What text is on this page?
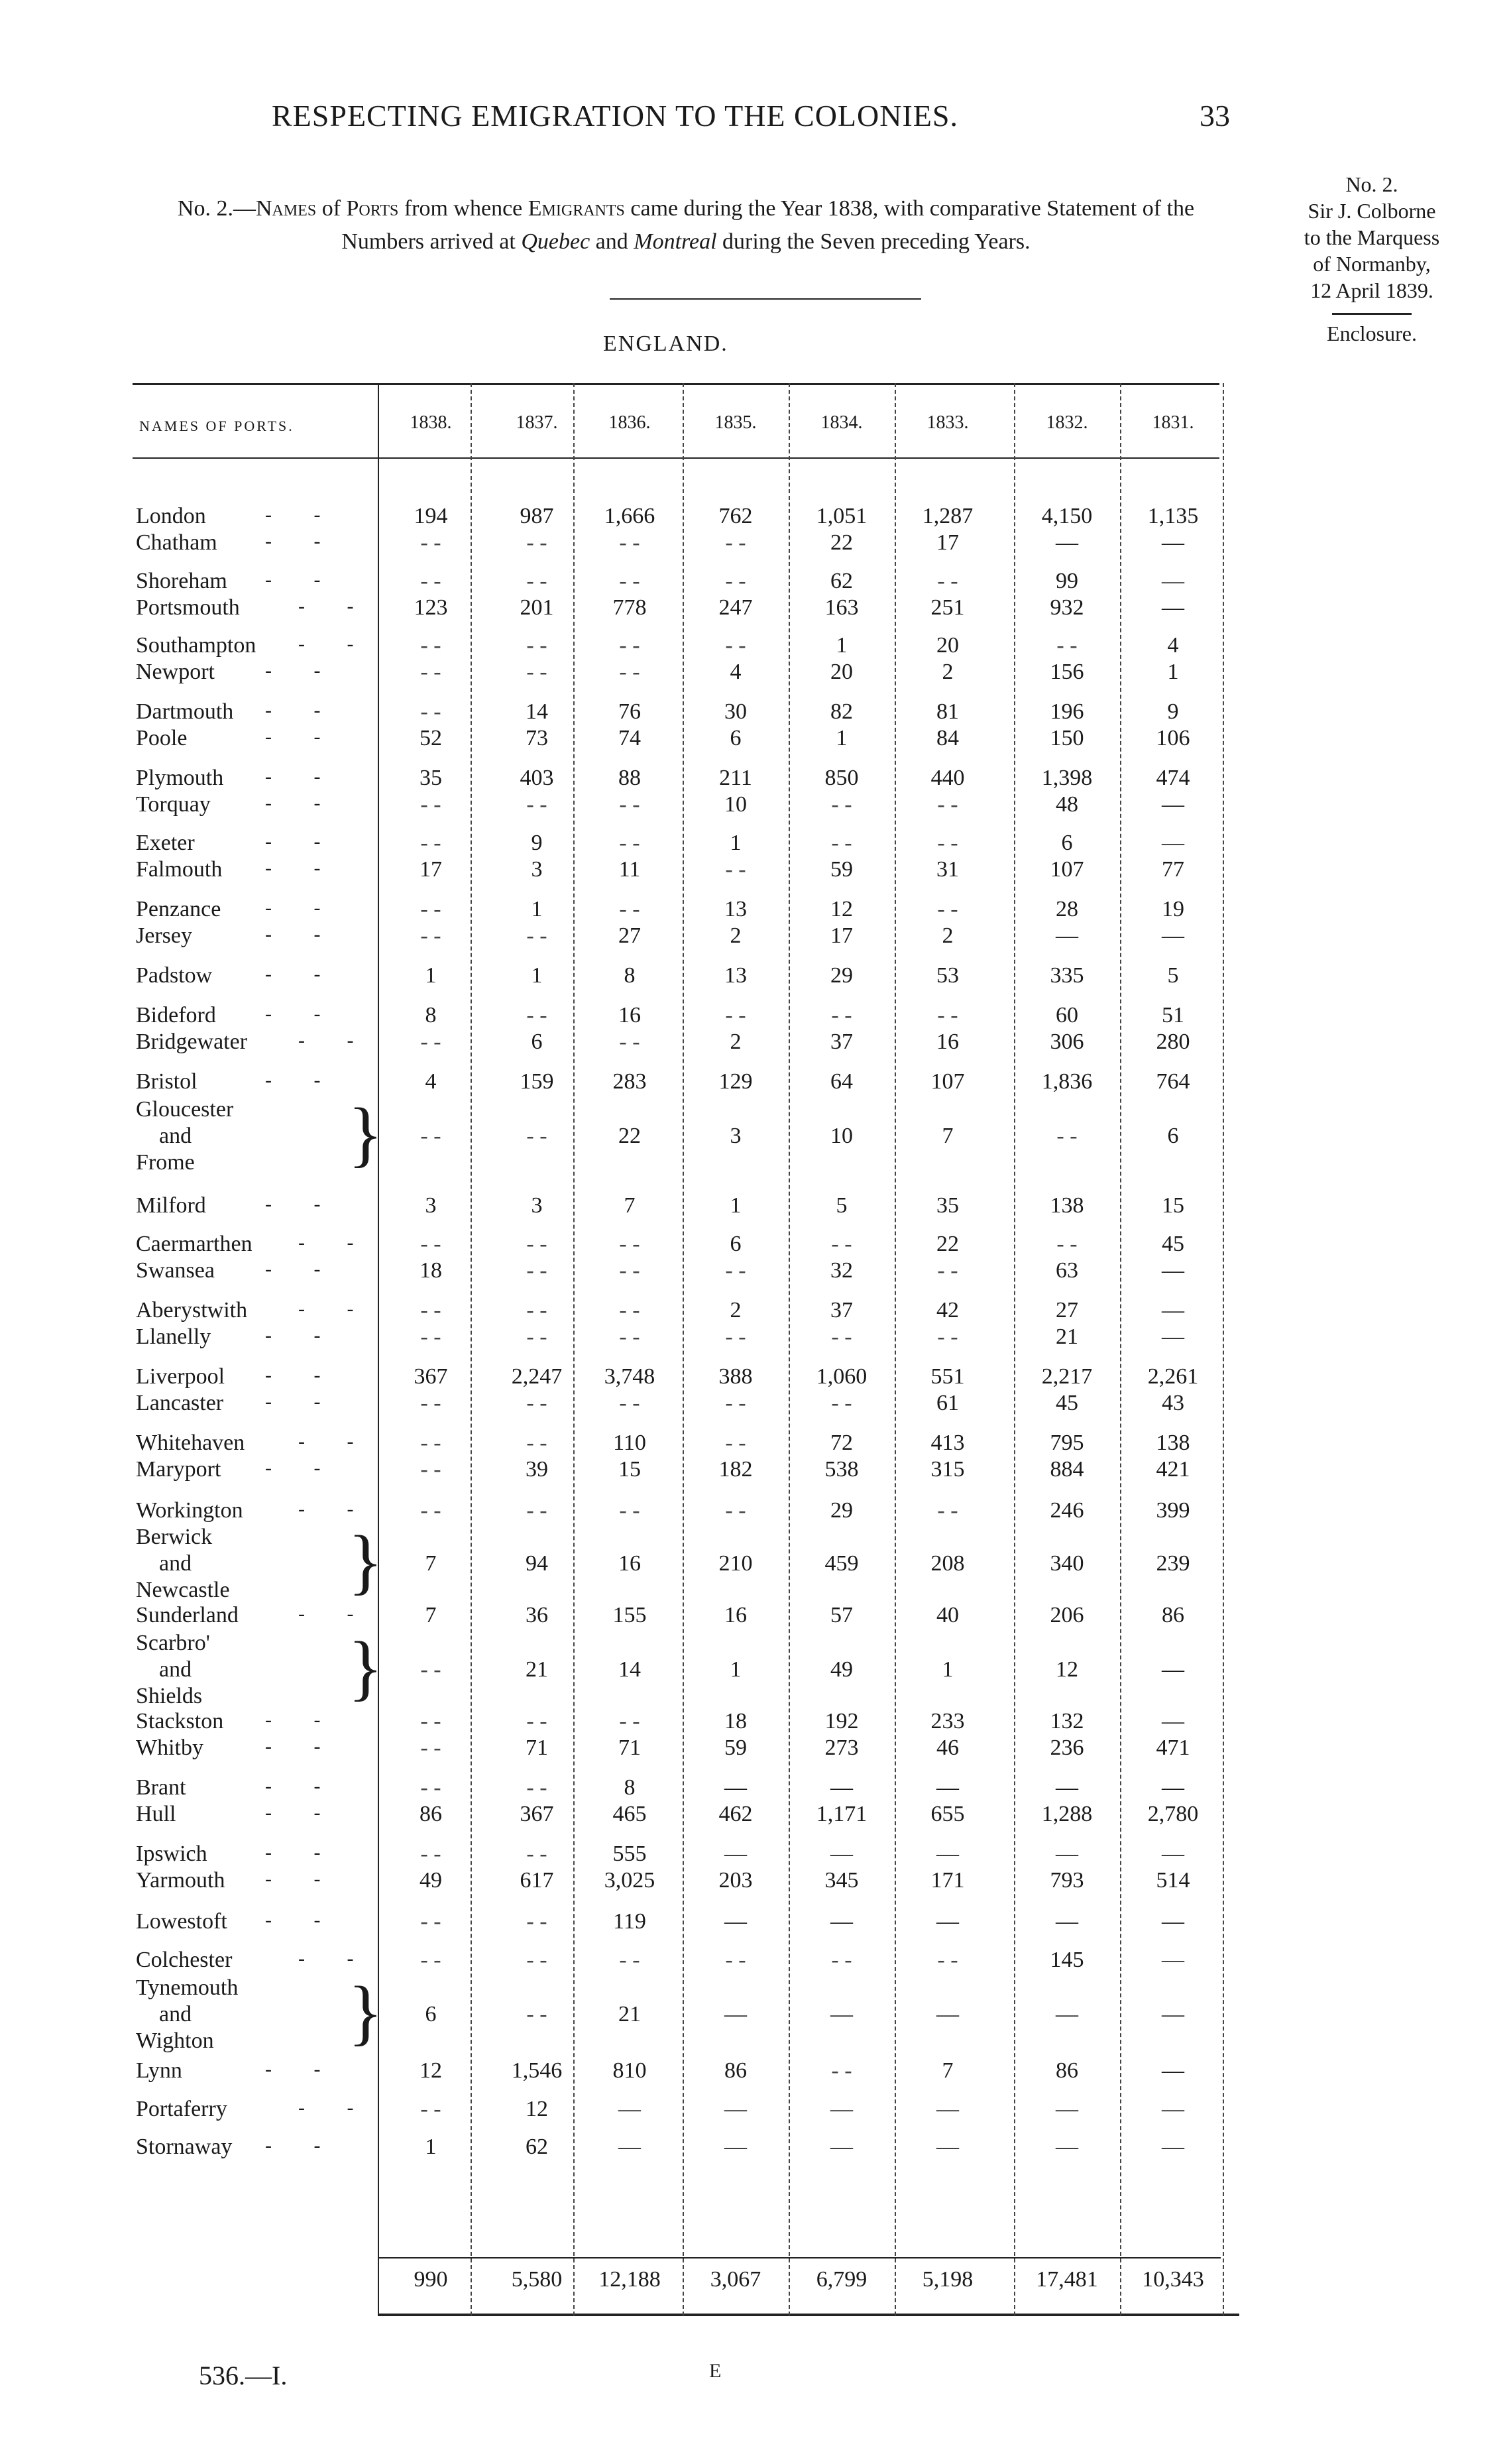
RESPECTING EMIGRATION TO THE COLONIES.	33
No. 2.—Names of Ports from whence Emigrants came during the Year 1838, with comparative Statement of the Numbers arrived at Quebec and Montreal during the Seven preceding Years.
ENGLAND.
No. 2.
Sir J. Colborne
to the Marquess
of Normanby,
12 April 1839.
Enclosure.
NAMES OF PORTS.	1838.	1837.	1836.	1835.	1834.	1833.	1832.	1831.
London	- -	194	987	1,666	762	1,051	1,287	4,150	1,135
Chatham - -	- -	- -	- -	- -	22	17	—	—
Shoreham - -	- -	- -	- -	- -	62	- -	99	—
Portsmouth	- -	123	201	778	247	163	251	932	—
Southampton - -	- -	- -	- -	- -	1	20	- -	4
Newport	- -	- -	- -	- -	4	20	2	156	1
Dartmouth - -	- -	14	76	30	82	81	196	9
Poole	- -	52	73	74	6	1	84	150	106
Plymouth - -	35	403	88	211	850	440	1,398	474
Torquay	- -	- -	- -	- -	10	- -	- -	48	—
Exeter	- -	- -	9	- -	1	- -	- -	6	—
Falmouth - -	17	3	11	- -	59	31	107	77
Penzance - -	- -	1	- -	13	12	- -	28	19
Jersey	- -	- -	- -	27	2	17	2	—	—
Padstow	- -	1	1	8	13	29	53	335	5
Bideford - -	8	- -	16	- -	- -	- -	60	51
Bridgewater	- -	- -	6	- -	2	37	16	306	280
Bristol	- -	4	159	283	129	64	107	1,836	764
Gloucester
and
Frome }	- -	- -	22	3	10	7	- -	6
Milford	- -	3	3	7	1	5	35	138	15
Caermarthen - -	- -	- -	- -	6	- -	22	- -	45
Swansea	- -	18	- -	- -	- -	32	- -	63	—
Aberystwith	- -	- -	- -	- -	2	37	42	27	—
Llanelly	- -	- -	- -	- -	- -	- -	- -	21	—
Liverpool - -	367	2,247	3,748	388	1,060	551	2,217	2,261
Lancaster - -	- -	- -	- -	- -	- -	61	45	43
Whitehaven	- -	- -	- -	110	- -	72	413	795	138
Maryport - -	- -	39	15	182	538	315	884	421
Workington	- -	- -	- -	- -	- -	29	- -	246	399
Berwick
and
Newcastle }	7	94	16	210	459	208	340	239
Sunderland	- -	7	36	155	16	57	40	206	86
Scarbro'
and
Shields }	- -	21	14	1	49	1	12	—
Stackston - -	- -	- -	- -	18	192	233	132	—
Whitby	- -	- -	71	71	59	273	46	236	471
Brant	- -	- -	- -	8	—	—	—	—	—
Hull	- -	86	367	465	462	1,171	655	1,288	2,780
Ipswich	- -	- -	- -	555	—	—	—	—	—
Yarmouth - -	49	617	3,025	203	345	171	793	514
Lowestoft - -	- -	- -	119	—	—	—	—	—
Colchester	- -	- -	- -	- -	- -	- -	- -	145	—
Tynemouth
and
Wighton }	6	- -	21	—	—	—	—	—
Lynn	- -	12	1,546	810	86	- -	7	86	—
Portaferry	- -	- -	12	—	—	—	—	—	—
Stornaway - -	1	62	—	—	—	—	—	—
990	5,580	12,188	3,067	6,799	5,198	17,481	10,343
536.—I.	E
